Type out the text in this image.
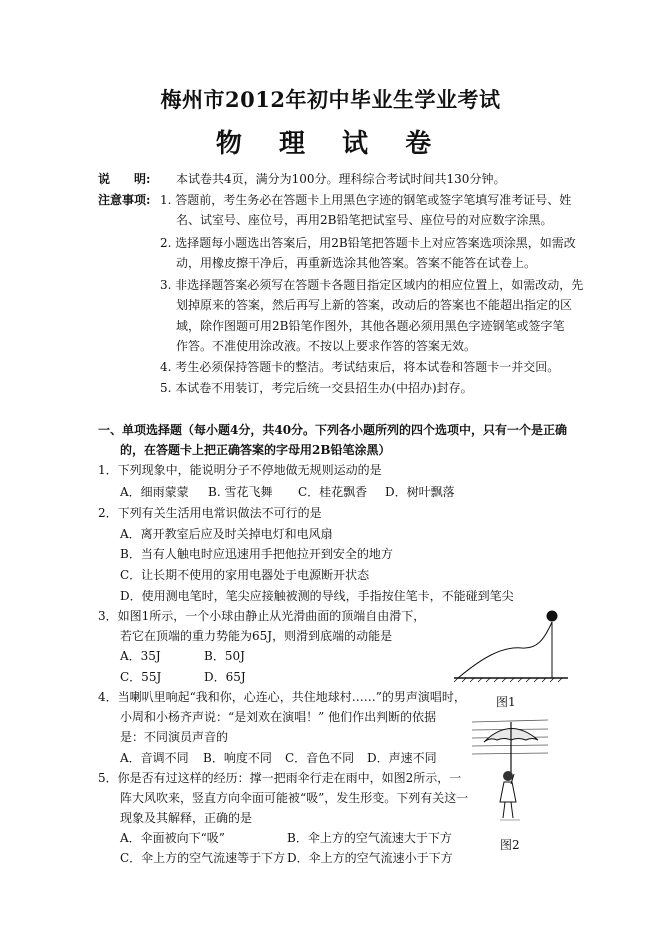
梅州市2012年初中毕业生学业考试
物 理 试 卷
说　　明: 本试卷共4页，满分为100分。理科综合考试时间共130分钟。
注意事项: 1. 答题前，考生务必在答题卡上用黑色字迹的钢笔或签字笔填写准考证号、姓
名、试室号、座位号，再用2B铅笔把试室号、座位号的对应数字涂黑。
2. 选择题每小题选出答案后，用2B铅笔把答题卡上对应答案选项涂黑，如需改
动，用橡皮擦干净后，再重新选涂其他答案。答案不能答在试卷上。
3. 非选择题答案必须写在答题卡各题目指定区域内的相应位置上，如需改动，先
划掉原来的答案，然后再写上新的答案，改动后的答案也不能超出指定的区
域，除作图题可用2B铅笔作图外，其他各题必须用黑色字迹钢笔或签字笔
作答。不准使用涂改液。不按以上要求作答的答案无效。
4. 考生必须保持答题卡的整洁。考试结束后，将本试卷和答题卡一并交回。
5. 本试卷不用装订，考完后统一交县招生办(中招办)封存。
一、单项选择题（每小题4分，共40分。下列各小题所列的四个选项中，只有一个是正确
的，在答题卡上把正确答案的字母用2B铅笔涂黑）
1．下列现象中，能说明分子不停地做无规则运动的是
A．细雨蒙蒙 B. 雪花飞舞 C．桂花飘香 D．树叶飘落
2．下列有关生活用电常识做法不可行的是
A．离开教室后应及时关掉电灯和电风扇
B．当有人触电时应迅速用手把他拉开到安全的地方
C．让长期不使用的家用电器处于电源断开状态
D．使用测电笔时，笔尖应接触被测的导线，手指按住笔卡，不能碰到笔尖
3．如图1所示，一个小球由静止从光滑曲面的顶端自由滑下，
若它在顶端的重力势能为65J，则滑到底端的动能是
A．35J	B．50J
C．55J	D．65J
图1
4．当喇叭里响起“我和你，心连心，共住地球村……”的男声演唱时，
小周和小杨齐声说：“是刘欢在演唱！” 他们作出判断的依据
是：不同演员声音的
A．音调不同 B．响度不同 C．音色不同 D．声速不同
5．你是否有过这样的经历：撑一把雨伞行走在雨中，如图2所示，一
阵大风吹来，竖直方向伞面可能被“吸”，发生形变。下列有关这一
现象及其解释，正确的是
A．伞面被向下“吸”	B．伞上方的空气流速大于下方
C．伞上方的空气流速等于下方 D．伞上方的空气流速小于下方
图2
